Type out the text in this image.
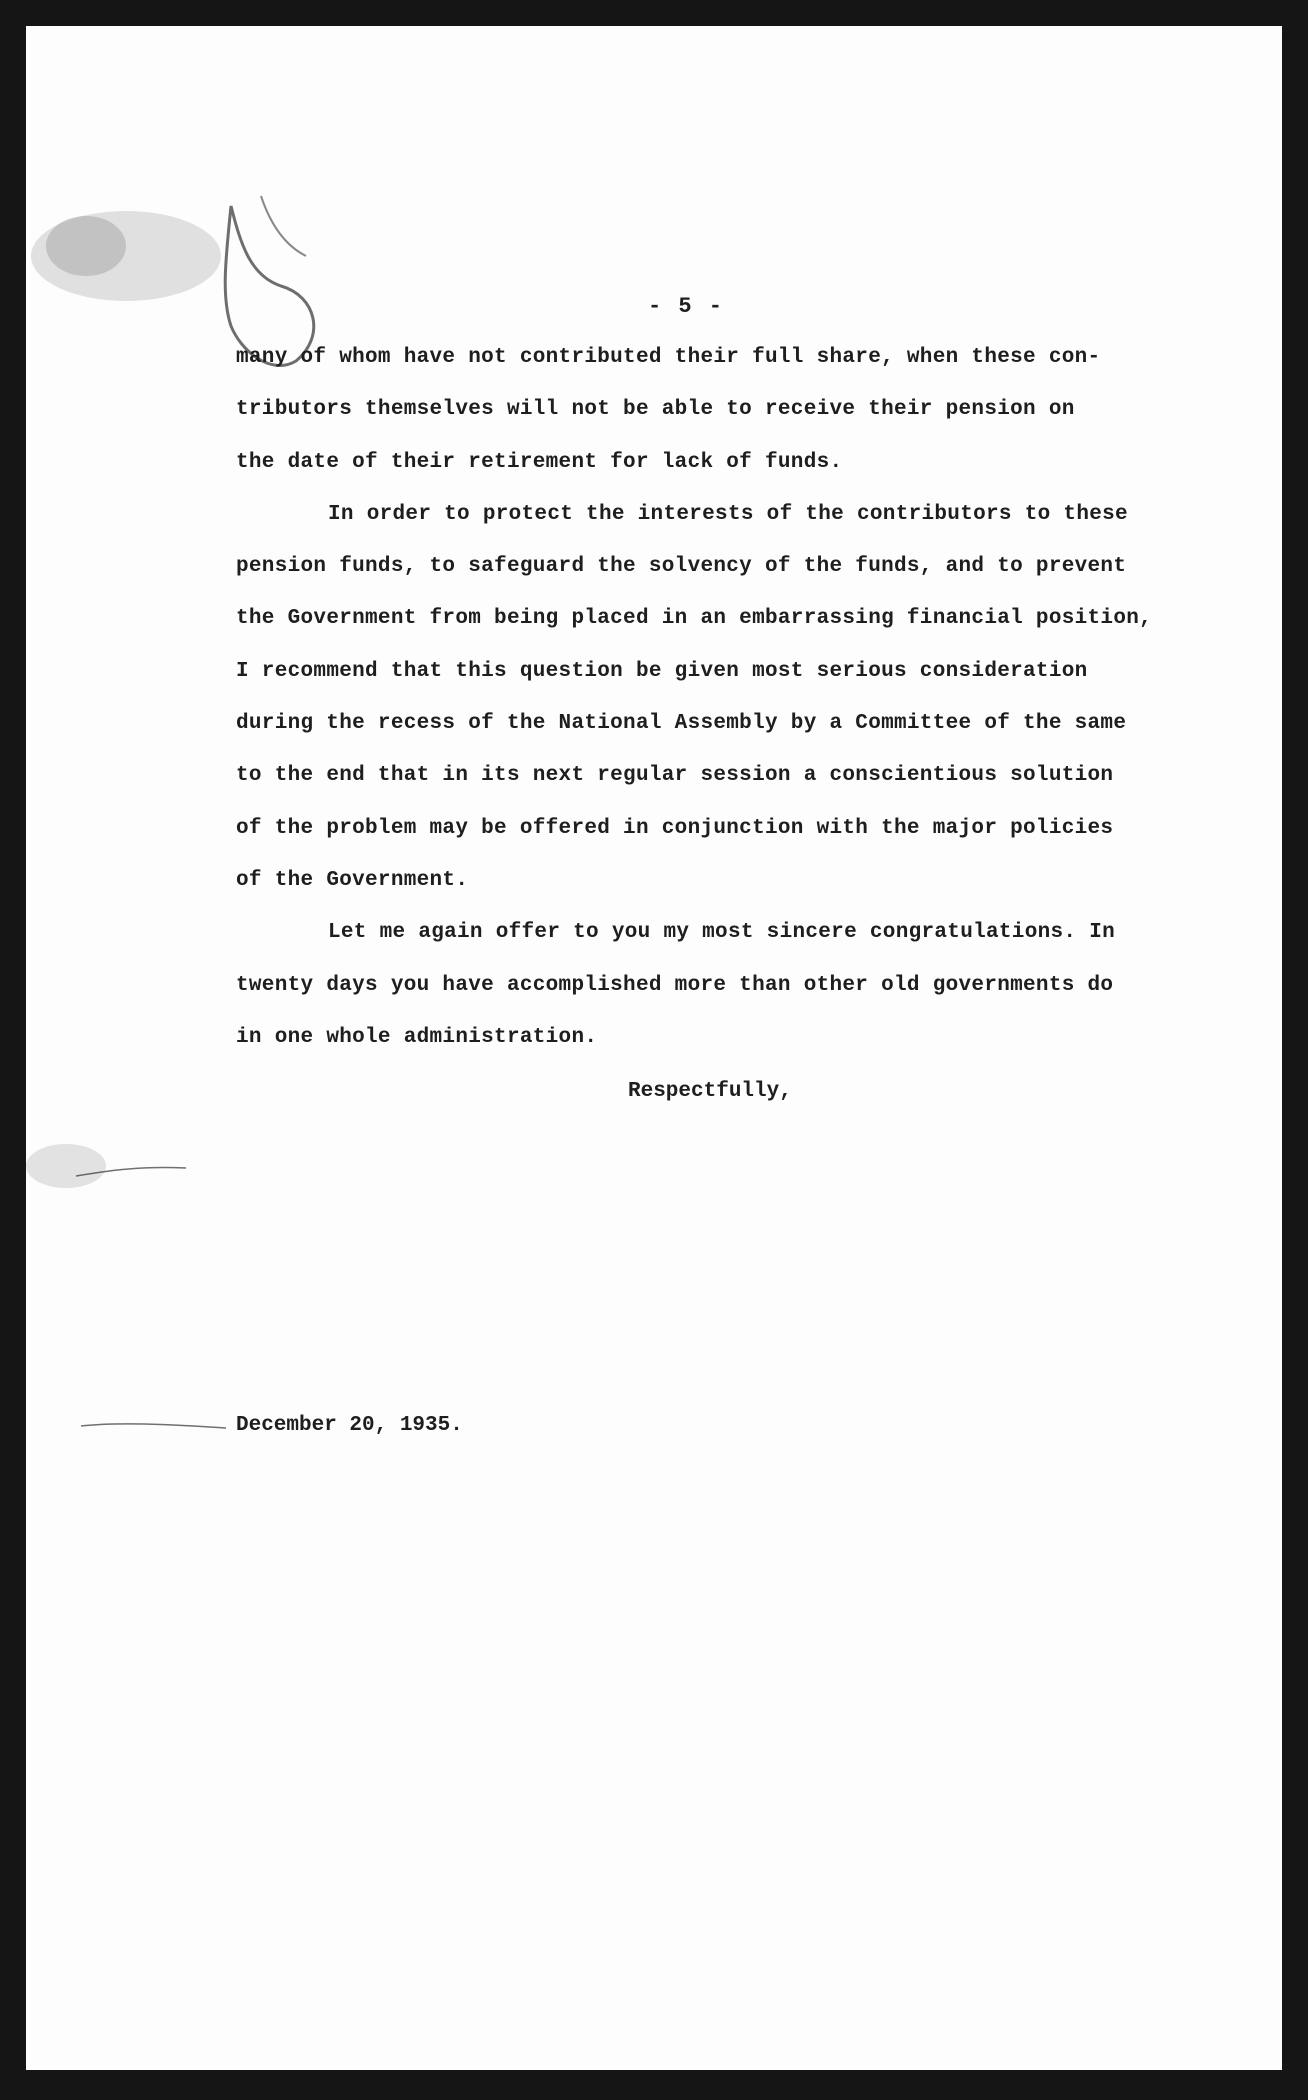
- 5 -

many of whom have not contributed their full share, when these con-
tributors themselves will not be able to receive their pension on
the date of their retirement for lack of funds.

In order to protect the interests of the contributors to these
pension funds, to safeguard the solvency of the funds, and to prevent
the Government from being placed in an embarrassing financial position,
I recommend that this question be given most serious consideration
during the recess of the National Assembly by a Committee of the same
to the end that in its next regular session a conscientious solution
of the problem may be offered in conjunction with the major policies
of the Government.

Let me again offer to you my most sincere congratulations. In
twenty days you have accomplished more than other old governments do
in one whole administration.

Respectfully,
December 20, 1935.
